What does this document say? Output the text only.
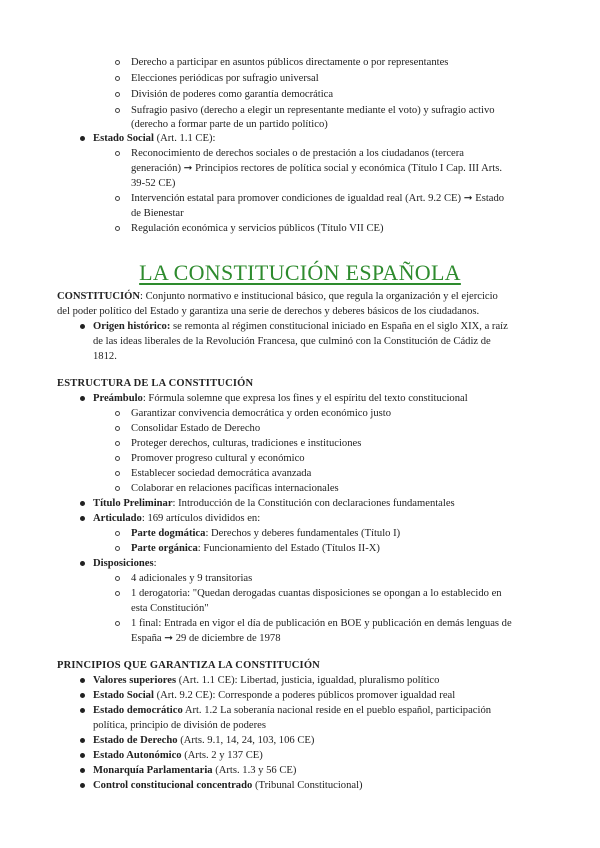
Derecho a participar en asuntos públicos directamente o por representantes
Elecciones periódicas por sufragio universal
División de poderes como garantía democrática
Sufragio pasivo (derecho a elegir un representante mediante el voto) y sufragio activo
(derecho a formar parte de un partido político)
Estado Social (Art. 1.1 CE):
Reconocimiento de derechos sociales o de prestación a los ciudadanos (tercera
generación) ➞ Principios rectores de política social y económica (Título I Cap. III Arts.
39-52 CE)
Intervención estatal para promover condiciones de igualdad real (Art. 9.2 CE) ➞ Estado
de Bienestar
Regulación económica y servicios públicos (Título VII CE)
LA CONSTITUCIÓN ESPAÑOLA
CONSTITUCIÓN: Conjunto normativo e institucional básico, que regula la organización y el ejercicio
del poder político del Estado y garantiza una serie de derechos y deberes básicos de los ciudadanos.
Origen histórico: se remonta al régimen constitucional iniciado en España en el siglo XIX, a raíz
de las ideas liberales de la Revolución Francesa, que culminó con la Constitución de Cádiz de
1812.
ESTRUCTURA DE LA CONSTITUCIÓN
Preámbulo: Fórmula solemne que expresa los fines y el espíritu del texto constitucional
Garantizar convivencia democrática y orden económico justo
Consolidar Estado de Derecho
Proteger derechos, culturas, tradiciones e instituciones
Promover progreso cultural y económico
Establecer sociedad democrática avanzada
Colaborar en relaciones pacíficas internacionales
Título Preliminar: Introducción de la Constitución con declaraciones fundamentales
Articulado: 169 artículos divididos en:
Parte dogmática: Derechos y deberes fundamentales (Título I)
Parte orgánica: Funcionamiento del Estado (Títulos II-X)
Disposiciones:
4 adicionales y 9 transitorias
1 derogatoria: "Quedan derogadas cuantas disposiciones se opongan a lo establecido en
esta Constitución"
1 final: Entrada en vigor el día de publicación en BOE y publicación en demás lenguas de
España ➞ 29 de diciembre de 1978
PRINCIPIOS QUE GARANTIZA LA CONSTITUCIÓN
Valores superiores (Art. 1.1 CE): Libertad, justicia, igualdad, pluralismo político
Estado Social (Art. 9.2 CE): Corresponde a poderes públicos promover igualdad real
Estado democrático Art. 1.2 La soberanía nacional reside en el pueblo español, participación
política, principio de división de poderes
Estado de Derecho (Arts. 9.1, 14, 24, 103, 106 CE)
Estado Autonómico (Arts. 2 y 137 CE)
Monarquía Parlamentaria (Arts. 1.3 y 56 CE)
Control constitucional concentrado (Tribunal Constitucional)
